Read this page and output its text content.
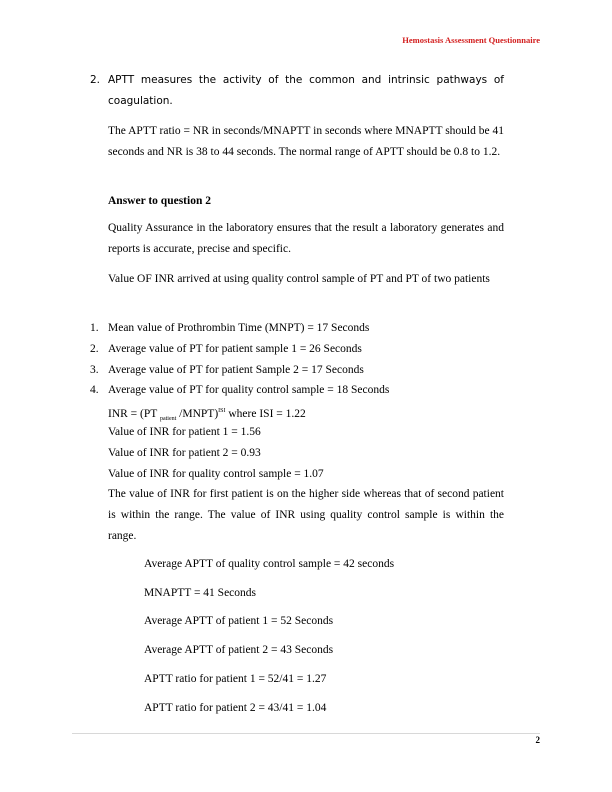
Hemostasis Assessment Questionnaire
2. APTT measures the activity of the common and intrinsic pathways of coagulation.
The APTT ratio = NR in seconds/MNAPTT in seconds where MNAPTT should be 41 seconds and NR is 38 to 44 seconds. The normal range of APTT should be 0.8 to 1.2.
Answer to question 2
Quality Assurance in the laboratory ensures that the result a laboratory generates and reports is accurate, precise and specific.
Value OF INR arrived at using quality control sample of PT and PT of two patients
1. Mean value of Prothrombin Time (MNPT) = 17 Seconds
2. Average value of PT for patient sample 1 = 26 Seconds
3. Average value of PT for patient Sample 2 = 17 Seconds
4. Average value of PT for quality control sample = 18 Seconds
INR = (PT $_{patient}$ /MNPT)$^{ISI}$ where ISI = 1.22
Value of INR for patient 1 = 1.56
Value of INR for patient 2 = 0.93
Value of INR for quality control sample = 1.07
The value of INR for first patient is on the higher side whereas that of second patient is within the range. The value of INR using quality control sample is within the range.
Average APTT of quality control sample = 42 seconds
MNAPTT = 41 Seconds
Average APTT of patient 1 = 52 Seconds
Average APTT of patient 2 = 43 Seconds
APTT ratio for patient 1 = 52/41 = 1.27
APTT ratio for patient 2 = 43/41 = 1.04
2
